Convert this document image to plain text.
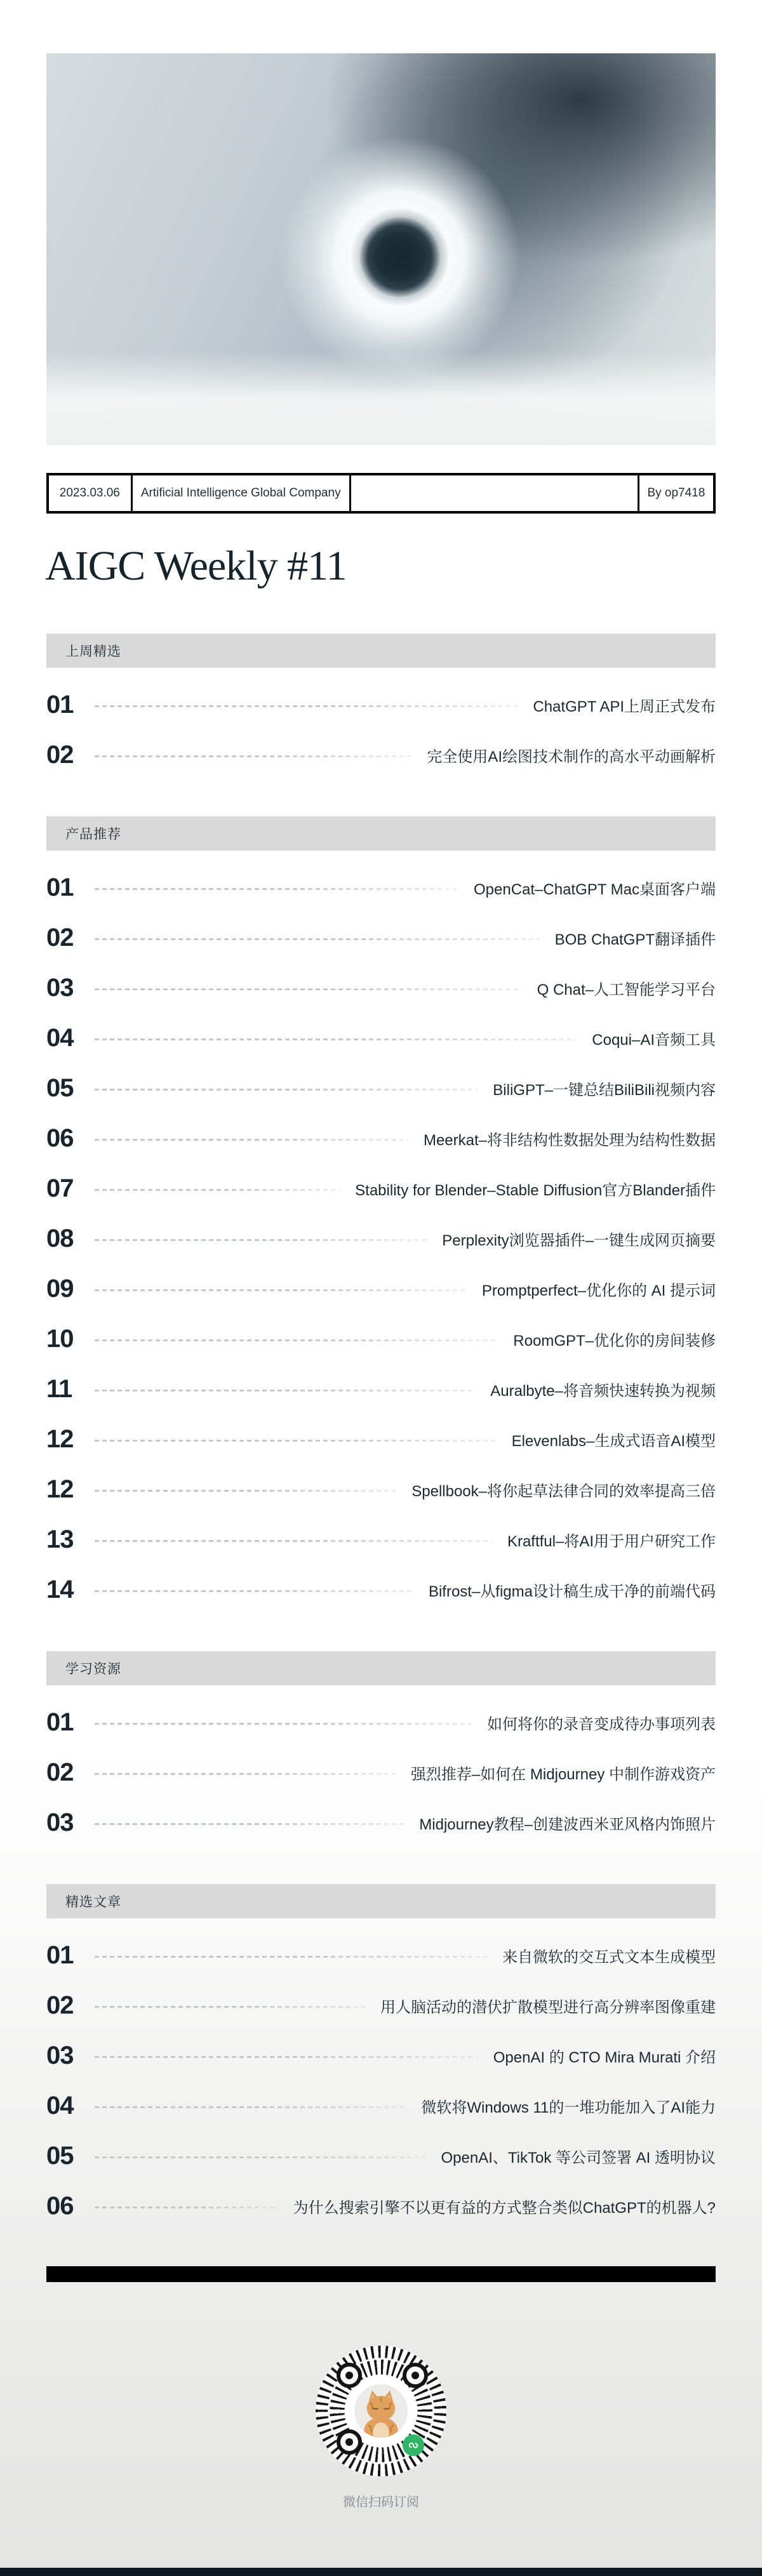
2023.03.06	Artificial Intelligence Global Company	By op7418
AIGC Weekly #11
上周精选
01	ChatGPT API上周正式发布
02	完全使用AI绘图技术制作的高水平动画解析
产品推荐
01	OpenCat–ChatGPT Mac桌面客户端
02	BOB ChatGPT翻译插件
03	Q Chat–人工智能学习平台
04	Coqui–AI音频工具
05	BiliGPT–一键总结BiliBili视频内容
06	Meerkat–将非结构性数据处理为结构性数据
07	Stability for Blender–Stable Diffusion官方Blander插件
08	Perplexity浏览器插件–一键生成网页摘要
09	Promptperfect–优化你的 AI 提示词
10	RoomGPT–优化你的房间装修
11	Auralbyte–将音频快速转换为视频
12	Elevenlabs–生成式语音AI模型
12	Spellbook–将你起草法律合同的效率提高三倍
13	Kraftful–将AI用于用户研究工作
14	Bifrost–从figma设计稿生成干净的前端代码
学习资源
01	如何将你的录音变成待办事项列表
02	强烈推荐–如何在 Midjourney 中制作游戏资产
03	Midjourney教程–创建波西米亚风格内饰照片
精选文章
01	来自微软的交互式文本生成模型
02	用人脑活动的潜伏扩散模型进行高分辨率图像重建
03	OpenAI 的 CTO Mira Murati 介绍
04	微软将Windows 11的一堆功能加入了AI能力
05	OpenAI、TikTok 等公司签署 AI 透明协议
06	为什么搜索引擎不以更有益的方式整合类似ChatGPT的机器人?
微信扫码订阅
